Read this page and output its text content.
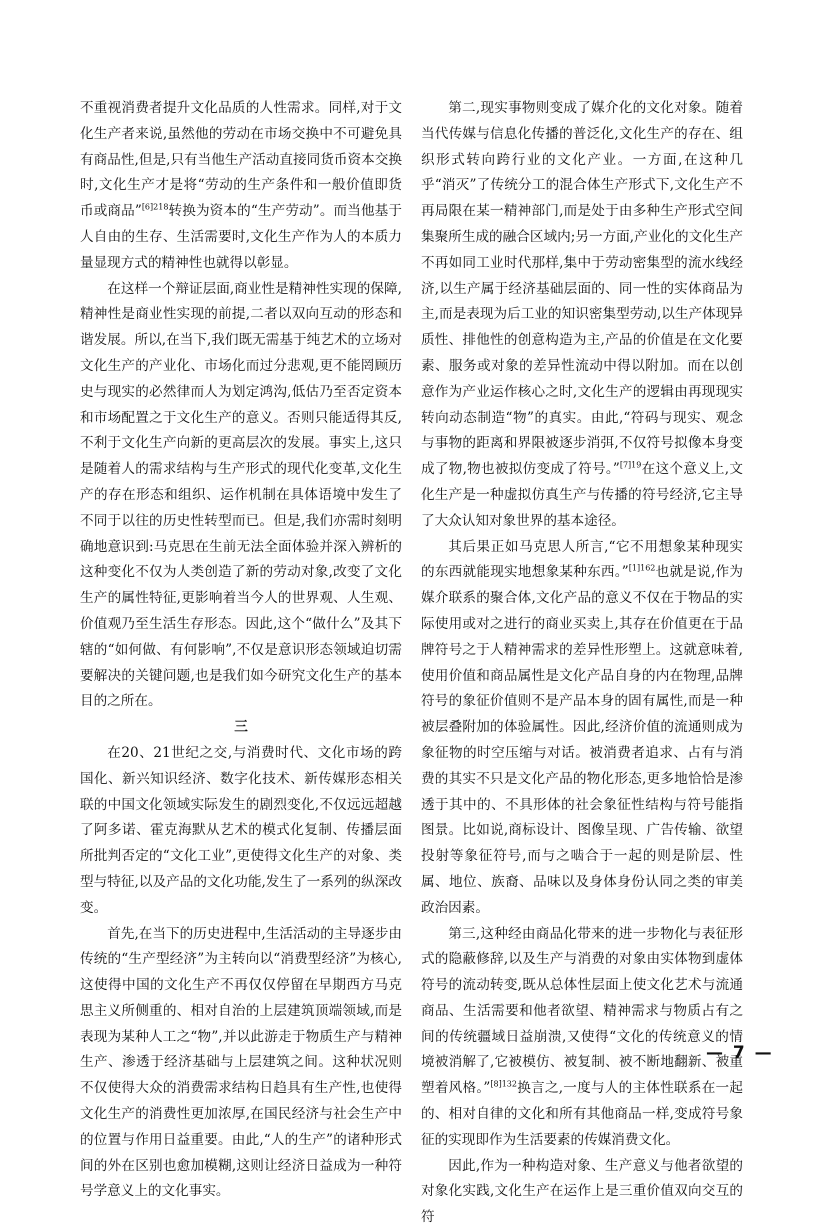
不重视消费者提升文化品质的人性需求。同样,对于文化生产者来说,虽然他的劳动在市场交换中不可避免具有商品性,但是,只有当他生产活动直接同货币资本交换时,文化生产才是将“劳动的生产条件和一般价值即货币或商品”$^{[6]218}$转换为资本的“生产劳动”。而当他基于人自由的生存、生活需要时,文化生产作为人的本质力量显现方式的精神性也就得以彰显。

在这样一个辩证层面,商业性是精神性实现的保障,精神性是商业性实现的前提,二者以双向互动的形态和谐发展。所以,在当下,我们既无需基于纯艺术的立场对文化生产的产业化、市场化而过分悲观,更不能罔顾历史与现实的必然律而人为划定鸿沟,低估乃至否定资本和市场配置之于文化生产的意义。否则只能适得其反,不利于文化生产向新的更高层次的发展。事实上,这只是随着人的需求结构与生产形式的现代化变革,文化生产的存在形态和组织、运作机制在具体语境中发生了不同于以往的历史性转型而已。但是,我们亦需时刻明确地意识到:马克思在生前无法全面体验并深入辨析的这种变化不仅为人类创造了新的劳动对象,改变了文化生产的属性特征,更影响着当今人的世界观、人生观、价值观乃至生活生存形态。因此,这个“做什么”及其下辖的“如何做、有何影响”,不仅是意识形态领域迫切需要解决的关键问题,也是我们如今研究文化生产的基本目的之所在。

三

在20、21世纪之交,与消费时代、文化市场的跨国化、新兴知识经济、数字化技术、新传媒形态相关联的中国文化领域实际发生的剧烈变化,不仅远远超越了阿多诺、霍克海默从艺术的模式化复制、传播层面所批判否定的“文化工业”,更使得文化生产的对象、类型与特征,以及产品的文化功能,发生了一系列的纵深改变。

首先,在当下的历史进程中,生活活动的主导逐步由传统的“生产型经济”为主转向以“消费型经济”为核心,这使得中国的文化生产不再仅仅停留在早期西方马克思主义所侧重的、相对自治的上层建筑顶端领域,而是表现为某种人工之“物”,并以此游走于物质生产与精神生产、渗透于经济基础与上层建筑之间。这种状况则不仅使得大众的消费需求结构日趋具有生产性,也使得文化生产的消费性更加浓厚,在国民经济与社会生产中的位置与作用日益重要。由此,“人的生产”的诸种形式间的外在区别也愈加模糊,这则让经济日益成为一种符号学意义上的文化事实。

第二,现实事物则变成了媒介化的文化对象。随着当代传媒与信息化传播的普泛化,文化生产的存在、组织形式转向跨行业的文化产业。一方面,在这种几乎“消灭”了传统分工的混合体生产形式下,文化生产不再局限在某一精神部门,而是处于由多种生产形式空间集聚所生成的融合区域内;另一方面,产业化的文化生产不再如同工业时代那样,集中于劳动密集型的流水线经济,以生产属于经济基础层面的、同一性的实体商品为主,而是表现为后工业的知识密集型劳动,以生产体现异质性、排他性的创意构造为主,产品的价值是在文化要素、服务或对象的差异性流动中得以附加。而在以创意作为产业运作核心之时,文化生产的逻辑由再现现实转向动态制造“物”的真实。由此,“符码与现实、观念与事物的距离和界限被逐步消弭,不仅符号拟像本身变成了物,物也被拟仿变成了符号。”$^{[7]19}$在这个意义上,文化生产是一种虚拟仿真生产与传播的符号经济,它主导了大众认知对象世界的基本途径。

其后果正如马克思人所言,“它不用想象某种现实的东西就能现实地想象某种东西。”$^{[1]162}$也就是说,作为媒介联系的聚合体,文化产品的意义不仅在于物品的实际使用或对之进行的商业买卖上,其存在价值更在于品牌符号之于人精神需求的差异性形塑上。这就意味着,使用价值和商品属性是文化产品自身的内在物理,品牌符号的象征价值则不是产品本身的固有属性,而是一种被层叠附加的体验属性。因此,经济价值的流通则成为象征物的时空压缩与对话。被消费者追求、占有与消费的其实不只是文化产品的物化形态,更多地恰恰是渗透于其中的、不具形体的社会象征性结构与符号能指图景。比如说,商标设计、图像呈现、广告传输、欲望投射等象征符号,而与之啮合于一起的则是阶层、性属、地位、族裔、品味以及身体身份认同之类的审美政治因素。

第三,这种经由商品化带来的进一步物化与表征形式的隐蔽修辞,以及生产与消费的对象由实体物到虚体符号的流动转变,既从总体性层面上使文化艺术与流通商品、生活需要和他者欲望、精神需求与物质占有之间的传统疆域日益崩溃,又使得“文化的传统意义的情境被消解了,它被模仿、被复制、被不断地翻新、被重塑着风格。”$^{[8]132}$换言之,一度与人的主体性联系在一起的、相对自律的文化和所有其他商品一样,变成符号象征的实现即作为生活要素的传媒消费文化。

因此,作为一种构造对象、生产意义与他者欲望的对象化实践,文化生产在运作上是三重价值双向交互的符

— 7 —
